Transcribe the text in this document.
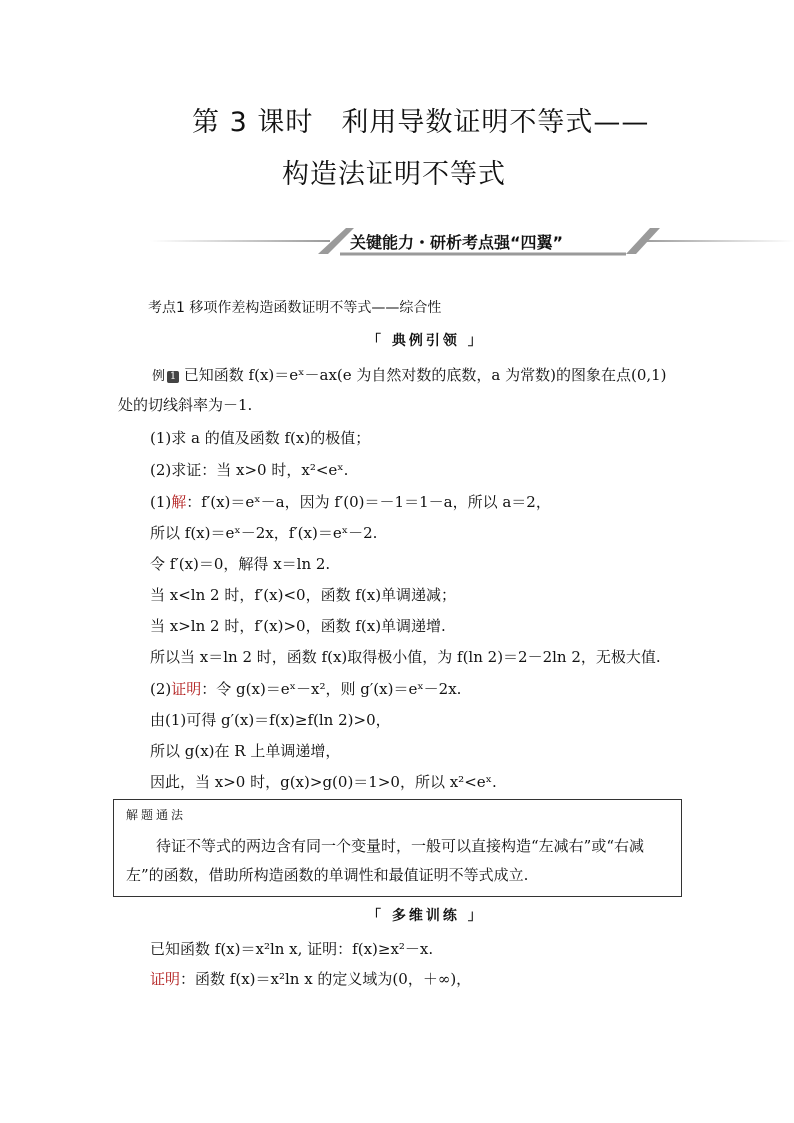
第 3 课时　利用导数证明不等式——
构造法证明不等式
关键能力・研析考点强“四翼”
考点1 移项作差构造函数证明不等式——综合性
「 典例引领 」
例 1 已知函数 f(x)＝eˣ－ax(e 为自然对数的底数，a 为常数)的图象在点(0,1)
处的切线斜率为－1.
(1)求 a 的值及函数 f(x)的极值；
(2)求证：当 x>0 时，x²<eˣ.
(1)解：f′(x)＝eˣ－a，因为 f′(0)＝－1＝1－a，所以 a＝2，
所以 f(x)＝eˣ－2x，f′(x)＝eˣ－2.
令 f′(x)＝0，解得 x＝ln 2.
当 x<ln 2 时，f′(x)<0，函数 f(x)单调递减；
当 x>ln 2 时，f′(x)>0，函数 f(x)单调递增.
所以当 x＝ln 2 时，函数 f(x)取得极小值，为 f(ln 2)＝2－2ln 2，无极大值.
(2)证明：令 g(x)＝eˣ－x²，则 g′(x)＝eˣ－2x.
由(1)可得 g′(x)＝f(x)≥f(ln 2)>0，
所以 g(x)在 R 上单调递增，
因此，当 x>0 时，g(x)>g(0)＝1>0，所以 x²<eˣ.
解题通法
待证不等式的两边含有同一个变量时，一般可以直接构造“左减右”或“右减左”的函数，借助所构造函数的单调性和最值证明不等式成立.
「 多维训练 」
已知函数 f(x)＝x²ln x, 证明：f(x)≥x²－x.
证明：函数 f(x)＝x²ln x 的定义域为(0，＋∞)，
